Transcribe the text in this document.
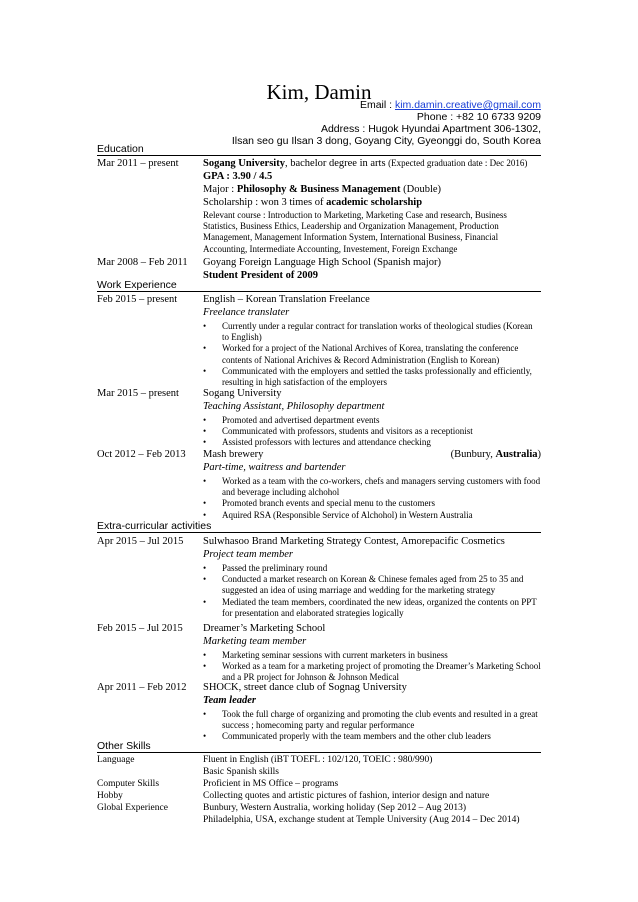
Kim, Damin
Email : kim.damin.creative@gmail.com
Phone : +82 10 6733 9209
Address : Hugok Hyundai Apartment 306-1302,
Ilsan seo gu Ilsan 3 dong, Goyang City, Gyeonggi do, South Korea
Education
Mar 2011 – present Sogang University, bachelor degree in arts (Expected graduation date : Dec 2016)
GPA : 3.90 / 4.5
Major : Philosophy & Business Management (Double)
Scholarship : won 3 times of academic scholarship
Relevant course : Introduction to Marketing, Marketing Case and research, Business Statistics, Business Ethics, Leadership and Organization Management, Production Management, Management Information System, International Business, Financial Accounting, Intermediate Accounting, Investement, Foreign Exchange
Mar 2008 – Feb 2011 Goyang Foreign Language High School (Spanish major)
Student President of 2009
Work Experience
Feb 2015 – present English – Korean Translation Freelance
Freelance translater
• Currently under a regular contract for translation works of theological studies (Korean to English)
• Worked for a project of the National Archives of Korea, translating the conference contents of National Arichives & Record Administration (English to Korean)
• Communicated with the employers and settled the tasks professionally and efficiently, resulting in high satisfaction of the employers
Mar 2015 – present Sogang University
Teaching Assistant, Philosophy department
• Promoted and advertised department events
• Communicated with professors, students and visitors as a receptionist
• Assisted professors with lectures and attendance checking
Oct 2012 – Feb 2013 Mash brewery	(Bunbury, Australia)
Part-time, waitress and bartender
• Worked as a team with the co-workers, chefs and managers serving customers with food and beverage including alchohol
• Promoted branch events and special menu to the customers
• Aquired RSA (Responsible Service of Alchohol) in Western Australia
Extra-curricular activities
Apr 2015 – Jul 2015 Sulwhasoo Brand Marketing Strategy Contest, Amorepacific Cosmetics
Project team member
• Passed the preliminary round
• Conducted a market research on Korean & Chinese females aged from 25 to 35 and suggested an idea of using marriage and wedding for the marketing strategy
• Mediated the team members, coordinated the new ideas, organized the contents on PPT for presentation and elaborated strategies logically
Feb 2015 – Jul 2015 Dreamer’s Marketing School
Marketing team member
• Marketing seminar sessions with current marketers in business
• Worked as a team for a marketing project of promoting the Dreamer’s Marketing School and a PR project for Johnson & Johnson Medical
Apr 2011 – Feb 2012 SHOCK, street dance club of Sognag University
Team leader
• Took the full charge of organizing and promoting the club events and resulted in a great success ; homecoming party and regular performance
• Communicated properly with the team members and the other club leaders
Other Skills
Language	Fluent in English (iBT TOEFL : 102/120, TOEIC : 980/990)
Basic Spanish skills
Computer Skills	Proficient in MS Office – programs
Hobby	Collecting quotes and artistic pictures of fashion, interior design and nature
Global Experience	Bunbury, Western Australia, working holiday (Sep 2012 – Aug 2013)
Philadelphia, USA, exchange student at Temple University (Aug 2014 – Dec 2014)
